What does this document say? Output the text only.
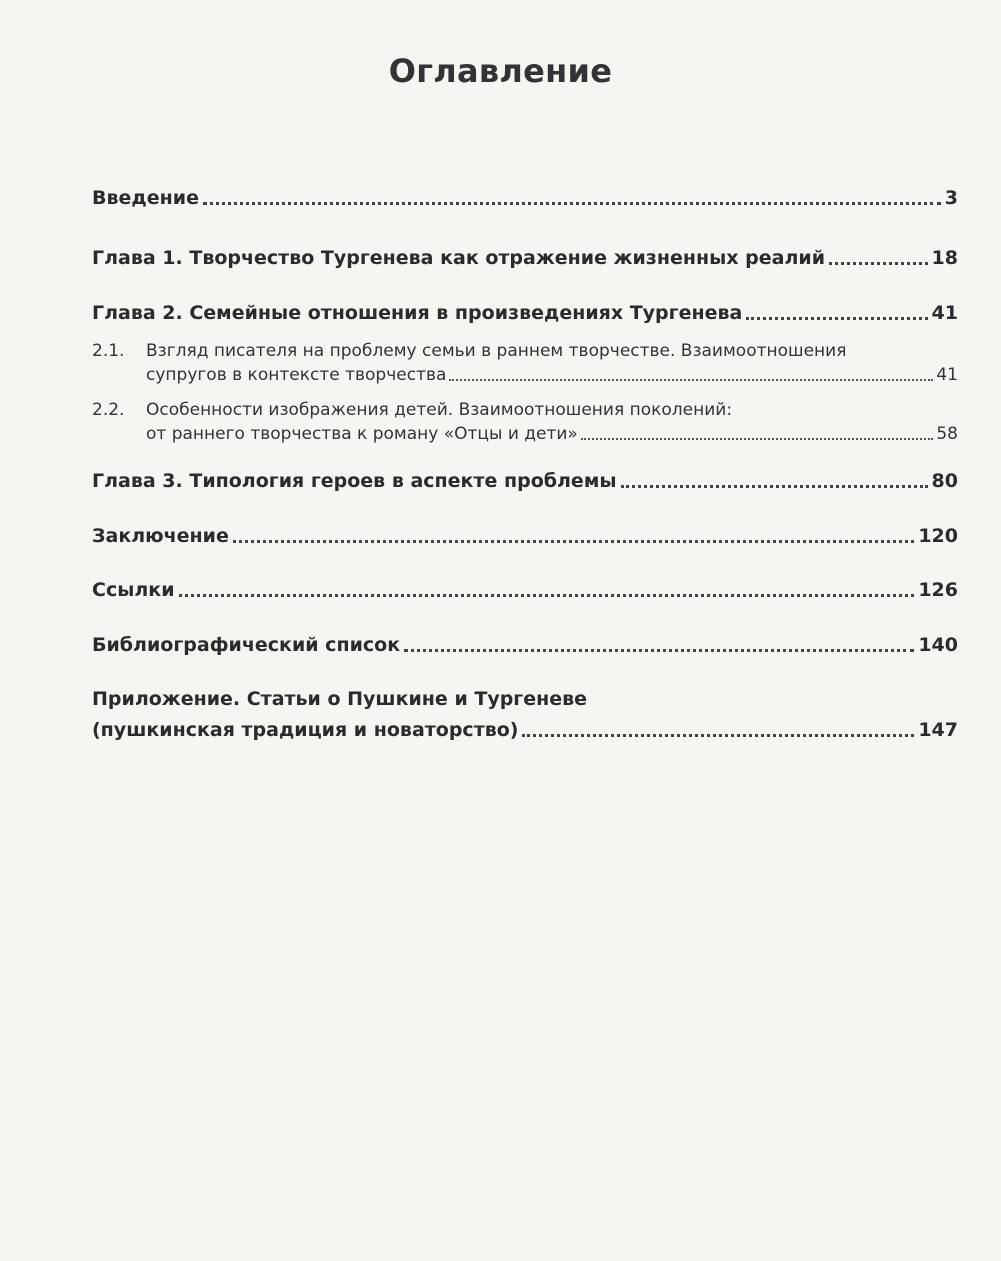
Оглавление
Введение	3
Глава 1. Творчество Тургенева как отражение жизненных реалий	18
Глава 2. Семейные отношения в произведениях Тургенева	41
2.1.	Взгляд писателя на проблему семьи в раннем творчестве. Взаимоотношения
супругов в контексте творчества	41
2.2.	Особенности изображения детей. Взаимоотношения поколений:
от раннего творчества к роману «Отцы и дети»	58
Глава 3. Типология героев в аспекте проблемы	80
Заключение	120
Ссылки	126
Библиографический список	140
Приложение. Статьи о Пушкине и Тургеневе
(пушкинская традиция и новаторство)	147
